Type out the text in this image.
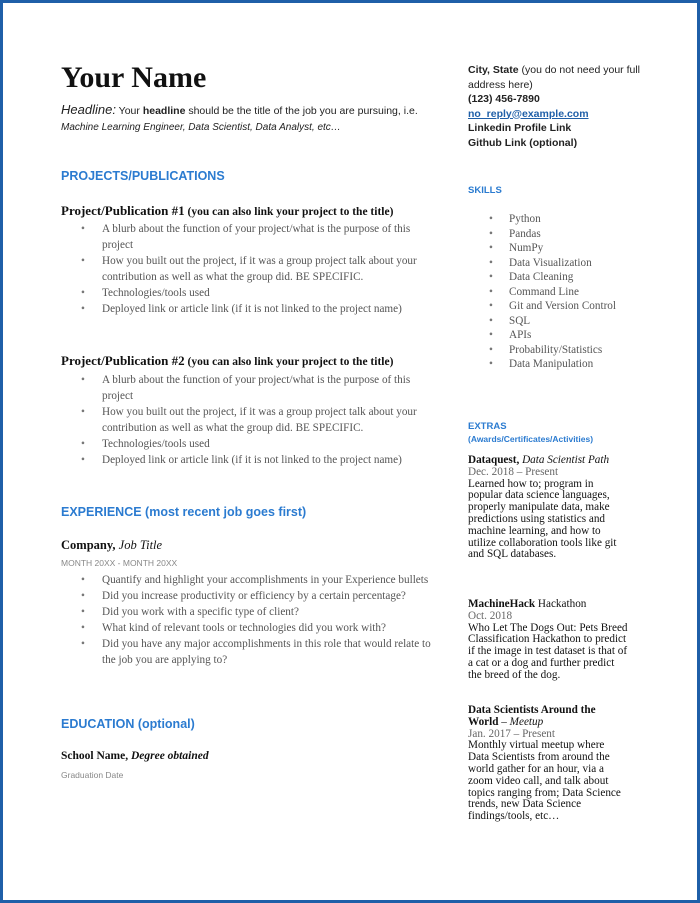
Your Name
Headline: Your headline should be the title of the job you are pursuing, i.e.
Machine Learning Engineer, Data Scientist, Data Analyst, etc…
City, State (you do not need your full address here)
(123) 456-7890
no_reply@example.com
Linkedin Profile Link
Github Link (optional)
PROJECTS/PUBLICATIONS
Project/Publication #1 (you can also link your project to the title)
• A blurb about the function of your project/what is the purpose of this project
• How you built out the project, if it was a group project talk about your contribution as well as what the group did. BE SPECIFIC.
• Technologies/tools used
• Deployed link or article link (if it is not linked to the project name)
Project/Publication #2 (you can also link your project to the title)
• A blurb about the function of your project/what is the purpose of this project
• How you built out the project, if it was a group project talk about your contribution as well as what the group did. BE SPECIFIC.
• Technologies/tools used
• Deployed link or article link (if it is not linked to the project name)
EXPERIENCE (most recent job goes first)
Company, Job Title
MONTH 20XX - MONTH 20XX
• Quantify and highlight your accomplishments in your Experience bullets
• Did you increase productivity or efficiency by a certain percentage?
• Did you work with a specific type of client?
• What kind of relevant tools or technologies did you work with?
• Did you have any major accomplishments in this role that would relate to the job you are applying to?
EDUCATION (optional)
School Name, Degree obtained
Graduation Date
SKILLS
• Python
• Pandas
• NumPy
• Data Visualization
• Data Cleaning
• Command Line
• Git and Version Control
• SQL
• APIs
• Probability/Statistics
• Data Manipulation
EXTRAS
(Awards/Certificates/Activities)
Dataquest, Data Scientist Path
Dec. 2018 – Present
Learned how to; program in popular data science languages, properly manipulate data, make predictions using statistics and machine learning, and how to utilize collaboration tools like git and SQL databases.
MachineHack Hackathon
Oct. 2018
Who Let The Dogs Out: Pets Breed Classification Hackathon to predict if the image in test dataset is that of a cat or a dog and further predict the breed of the dog.
Data Scientists Around the World – Meetup
Jan. 2017 – Present
Monthly virtual meetup where Data Scientists from around the world gather for an hour, via a zoom video call, and talk about topics ranging from; Data Science trends, new Data Science findings/tools, etc…
